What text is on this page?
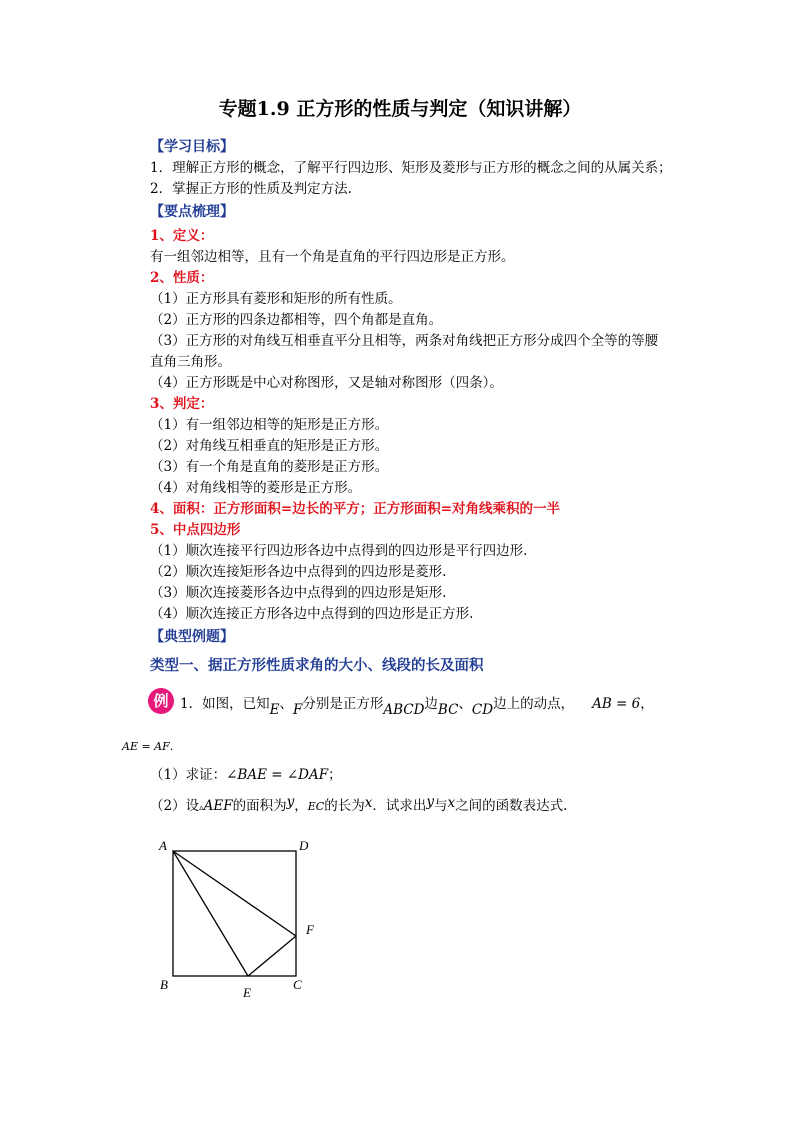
专题1.9 正方形的性质与判定（知识讲解）
【学习目标】
1．理解正方形的概念，了解平行四边形、矩形及菱形与正方形的概念之间的从属关系；
2．掌握正方形的性质及判定方法.
【要点梳理】
1、定义：
有一组邻边相等，且有一个角是直角的平行四边形是正方形。
2、性质：
（1）正方形具有菱形和矩形的所有性质。
（2）正方形的四条边都相等，四个角都是直角。
（3）正方形的对角线互相垂直平分且相等，两条对角线把正方形分成四个全等的等腰
直角三角形。
（4）正方形既是中心对称图形，又是轴对称图形（四条）。
3、判定：
（1）有一组邻边相等的矩形是正方形。
（2）对角线互相垂直的矩形是正方形。
（3）有一个角是直角的菱形是正方形。
（4）对角线相等的菱形是正方形。
4、面积：正方形面积=边长的平方；正方形面积=对角线乘积的一半
5、中点四边形
（1）顺次连接平行四边形各边中点得到的四边形是平行四边形.
（2）顺次连接矩形各边中点得到的四边形是菱形.
（3）顺次连接菱形各边中点得到的四边形是矩形.
（4）顺次连接正方形各边中点得到的四边形是正方形.
【典型例题】
类型一、据正方形性质求角的大小、线段的长及面积
例 1．如图，已知E、F分别是正方形ABCD边BC、CD边上的动点， AB = 6，
AE = AF.
（1）求证：∠BAE = ∠DAF；
（2）设▵AEF的面积为y，EC的长为x．试求出y与x之间的函数表达式.
A	D
B	C
E
F
